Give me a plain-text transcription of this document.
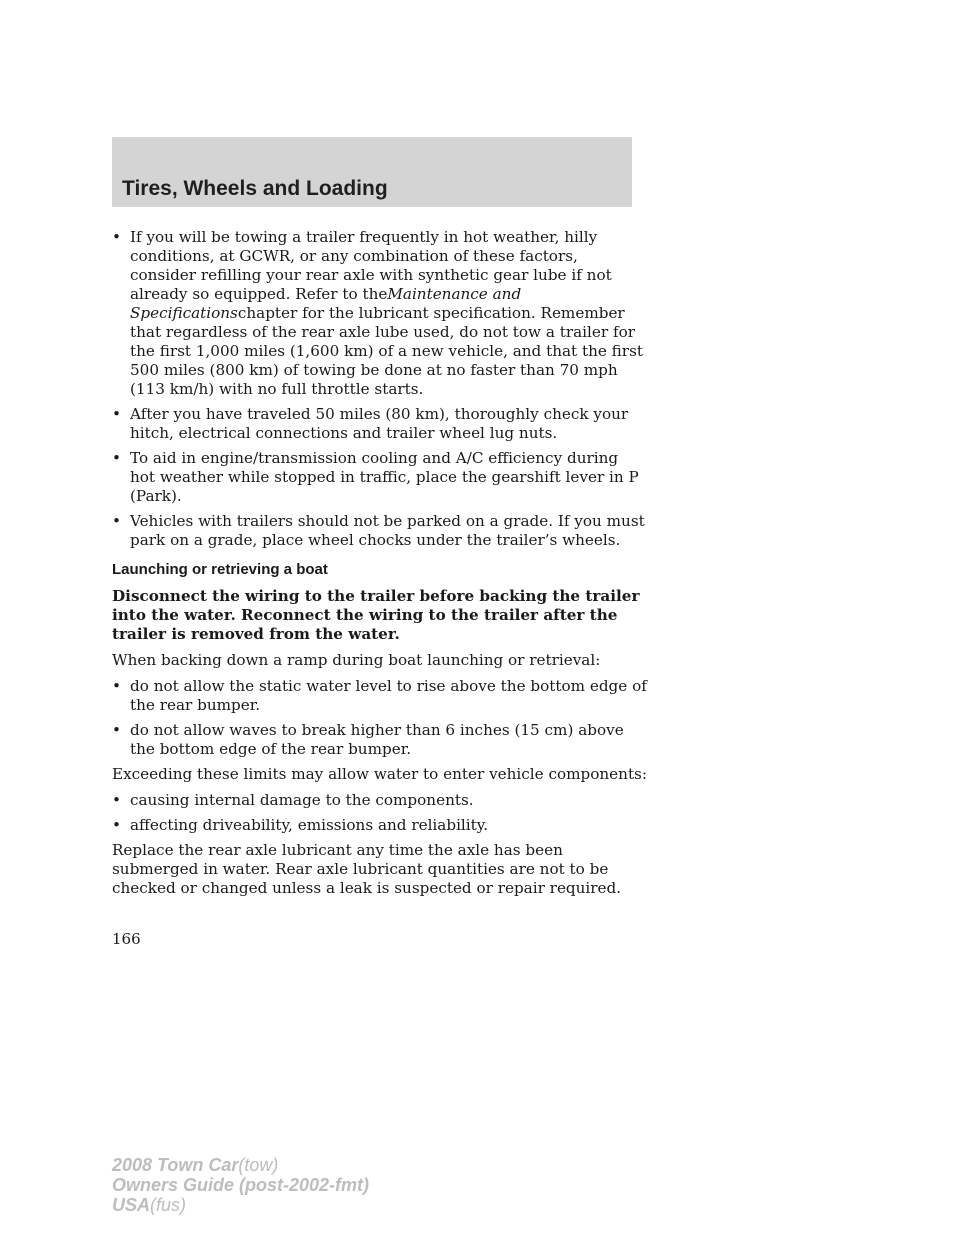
Tires, Wheels and Loading
• If you will be towing a trailer frequently in hot weather, hilly conditions, at GCWR, or any combination of these factors, consider refilling your rear axle with synthetic gear lube if not already so equipped. Refer to theMaintenance and Specificationschapter for the lubricant specification. Remember that regardless of the rear axle lube used, do not tow a trailer for the first 1,000 miles (1,600 km) of a new vehicle, and that the first 500 miles (800 km) of towing be done at no faster than 70 mph (113 km/h) with no full throttle starts.
• After you have traveled 50 miles (80 km), thoroughly check your hitch, electrical connections and trailer wheel lug nuts.
• To aid in engine/transmission cooling and A/C efficiency during hot weather while stopped in traffic, place the gearshift lever in P (Park).
• Vehicles with trailers should not be parked on a grade. If you must park on a grade, place wheel chocks under the trailer’s wheels.
Launching or retrieving a boat
Disconnect the wiring to the trailer before backing the trailer into the water. Reconnect the wiring to the trailer after the trailer is removed from the water.
When backing down a ramp during boat launching or retrieval:
• do not allow the static water level to rise above the bottom edge of the rear bumper.
• do not allow waves to break higher than 6 inches (15 cm) above the bottom edge of the rear bumper.
Exceeding these limits may allow water to enter vehicle components:
• causing internal damage to the components.
• affecting driveability, emissions and reliability.
Replace the rear axle lubricant any time the axle has been submerged in water. Rear axle lubricant quantities are not to be checked or changed unless a leak is suspected or repair required.
166
2008 Town Car(tow)
Owners Guide (post-2002-fmt)
USA(fus)
